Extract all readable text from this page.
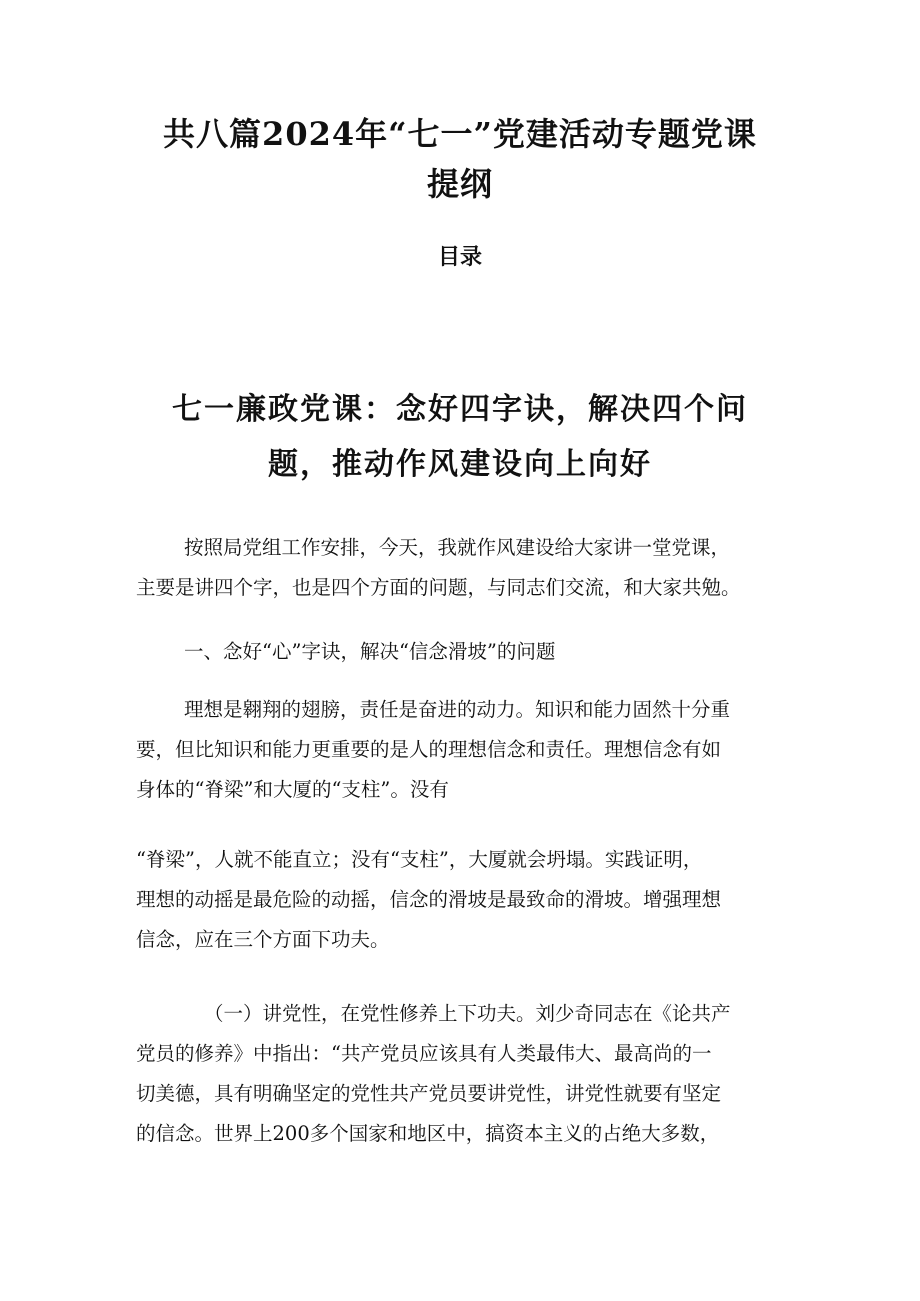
共八篇2024年“七一”党建活动专题党课
提纲
目录
七一廉政党课：念好四字诀，解决四个问
题，推动作风建设向上向好
按照局党组工作安排，今天，我就作风建设给大家讲一堂党课，
主要是讲四个字，也是四个方面的问题，与同志们交流，和大家共勉。
一、念好“心”字诀，解决“信念滑坡”的问题
理想是翱翔的翅膀，责任是奋进的动力。知识和能力固然十分重
要，但比知识和能力更重要的是人的理想信念和责任。理想信念有如
身体的“脊梁”和大厦的“支柱”。没有
“脊梁”，人就不能直立；没有“支柱”，大厦就会坍塌。实践证明，
理想的动摇是最危险的动摇，信念的滑坡是最致命的滑坡。增强理想
信念，应在三个方面下功夫。
（一）讲党性，在党性修养上下功夫。刘少奇同志在《论共产
党员的修养》中指出：“共产党员应该具有人类最伟大、最高尚的一
切美德，具有明确坚定的党性共产党员要讲党性，讲党性就要有坚定
的信念。世界上200多个国家和地区中，搞资本主义的占绝大多数，
